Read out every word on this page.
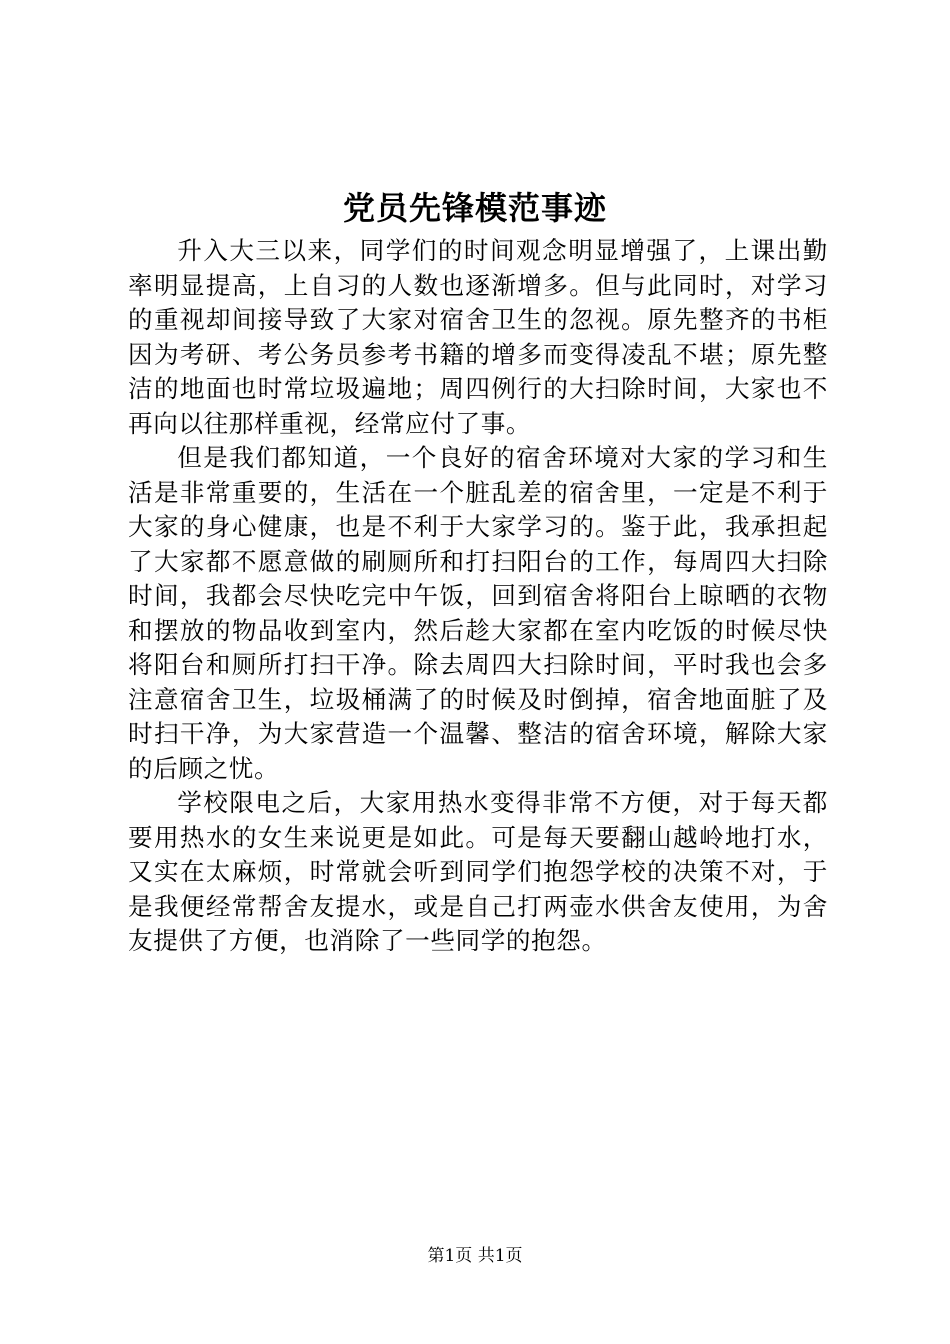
党员先锋模范事迹

升入大三以来，同学们的时间观念明显增强了，上课出勤率明显提高，上自习的人数也逐渐增多。但与此同时，对学习的重视却间接导致了大家对宿舍卫生的忽视。原先整齐的书柜因为考研、考公务员参考书籍的增多而变得凌乱不堪；原先整洁的地面也时常垃圾遍地；周四例行的大扫除时间，大家也不再向以往那样重视，经常应付了事。

但是我们都知道，一个良好的宿舍环境对大家的学习和生活是非常重要的，生活在一个脏乱差的宿舍里，一定是不利于大家的身心健康，也是不利于大家学习的。鉴于此，我承担起了大家都不愿意做的刷厕所和打扫阳台的工作，每周四大扫除时间，我都会尽快吃完中午饭，回到宿舍将阳台上晾晒的衣物和摆放的物品收到室内，然后趁大家都在室内吃饭的时候尽快将阳台和厕所打扫干净。除去周四大扫除时间，平时我也会多注意宿舍卫生，垃圾桶满了的时候及时倒掉，宿舍地面脏了及时扫干净，为大家营造一个温馨、整洁的宿舍环境，解除大家的后顾之忧。

学校限电之后，大家用热水变得非常不方便，对于每天都要用热水的女生来说更是如此。可是每天要翻山越岭地打水，又实在太麻烦，时常就会听到同学们抱怨学校的决策不对，于是我便经常帮舍友提水，或是自己打两壶水供舍友使用，为舍友提供了方便，也消除了一些同学的抱怨。

第1页 共1页
